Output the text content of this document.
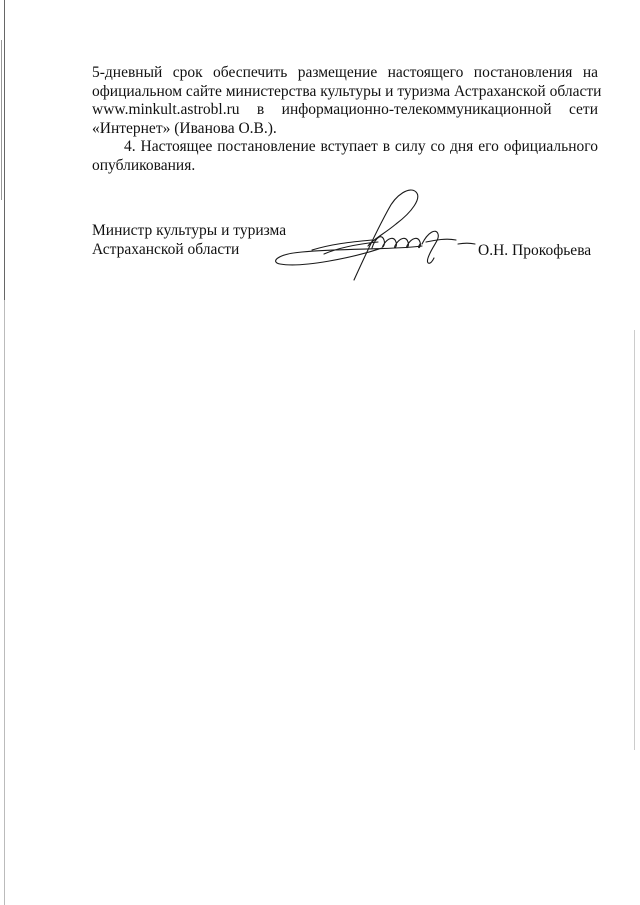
5-дневный срок обеспечить размещение настоящего постановления на
официальном сайте министерства культуры и туризма Астраханской области
www.minkult.astrobl.ru в информационно-телекоммуникационной сети
«Интернет» (Иванова О.В.).
4. Настоящее постановление вступает в силу со дня его официального
опубликования.
Министр культуры и туризма
Астраханской области	О.Н. Прокофьева
